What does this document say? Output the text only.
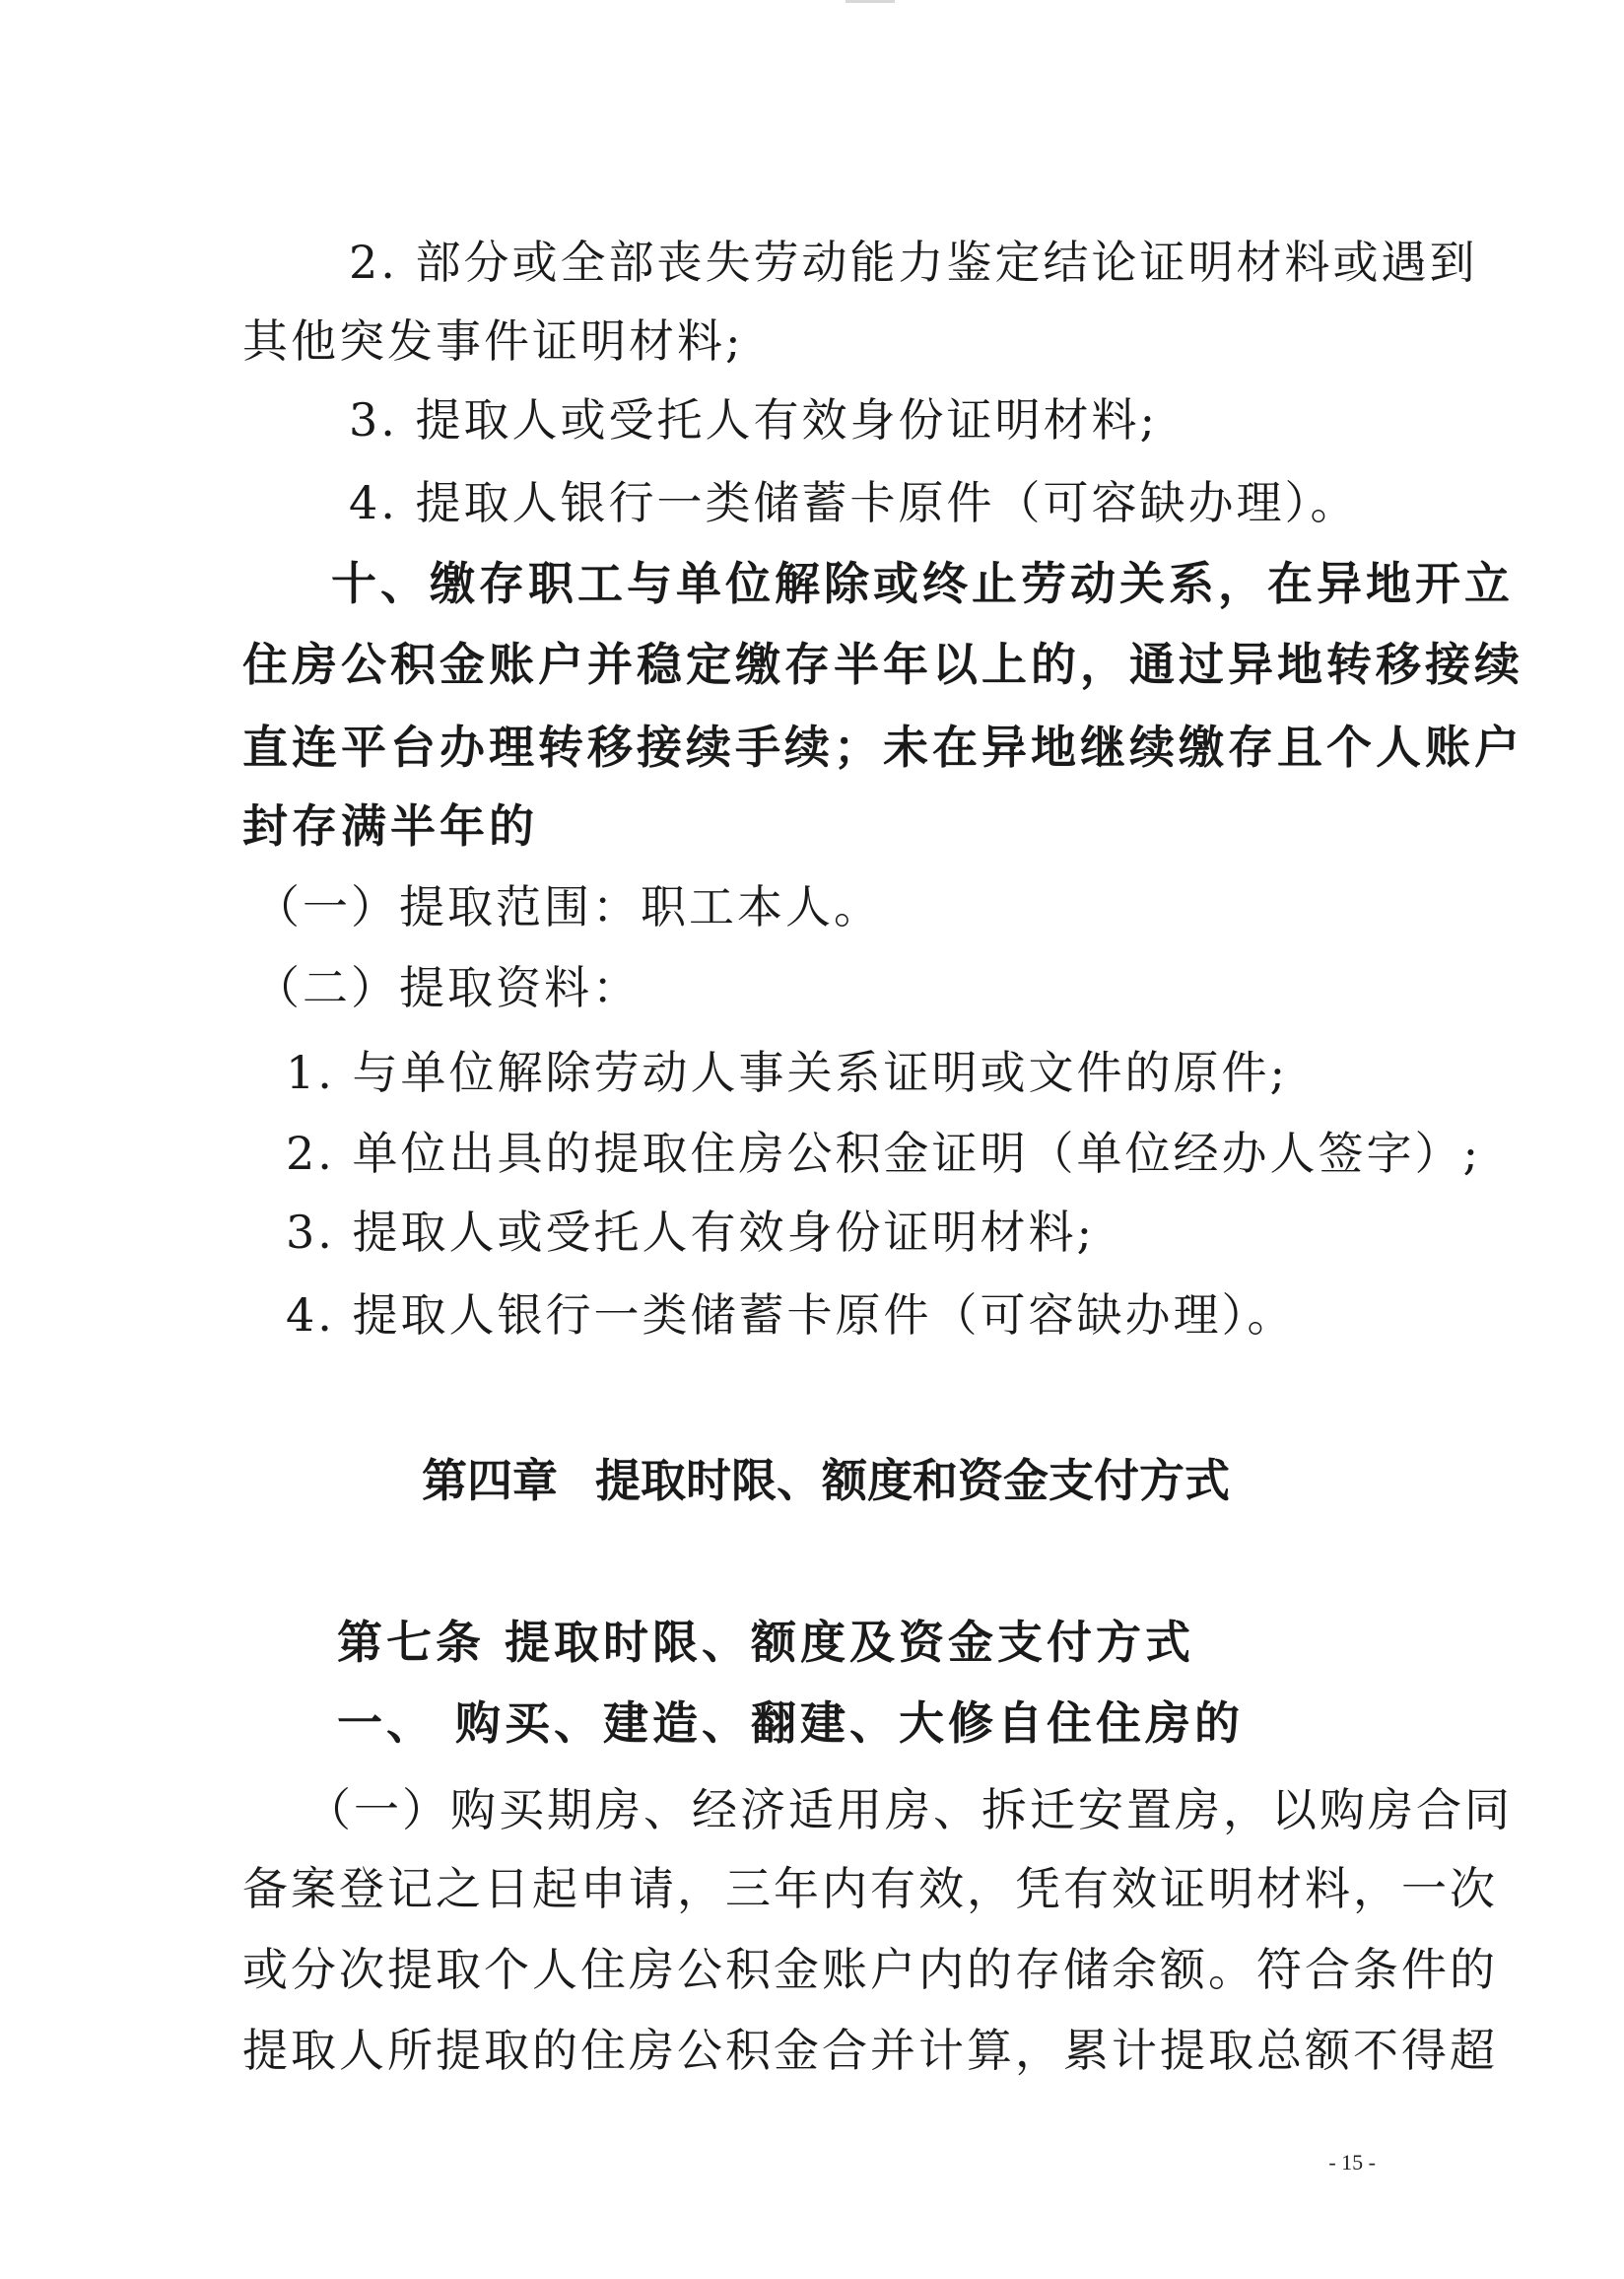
2. 部分或全部丧失劳动能力鉴定结论证明材料或遇到
其他突发事件证明材料;
3. 提取人或受托人有效身份证明材料;
4. 提取人银行一类储蓄卡原件（可容缺办理）。
十、缴存职工与单位解除或终止劳动关系，在异地开立
住房公积金账户并稳定缴存半年以上的，通过异地转移接续
直连平台办理转移接续手续；未在异地继续缴存且个人账户
封存满半年的
（一）提取范围：职工本人。
（二）提取资料：
1. 与单位解除劳动人事关系证明或文件的原件;
2. 单位出具的提取住房公积金证明（单位经办人签字）;
3. 提取人或受托人有效身份证明材料;
4. 提取人银行一类储蓄卡原件（可容缺办理）。
第四章 提取时限、额度和资金支付方式
第七条 提取时限、额度及资金支付方式
一、 购买、建造、翻建、大修自住住房的
（一）购买期房、经济适用房、拆迁安置房，以购房合同
备案登记之日起申请，三年内有效，凭有效证明材料，一次
或分次提取个人住房公积金账户内的存储余额。符合条件的
提取人所提取的住房公积金合并计算，累计提取总额不得超
- 15 -
